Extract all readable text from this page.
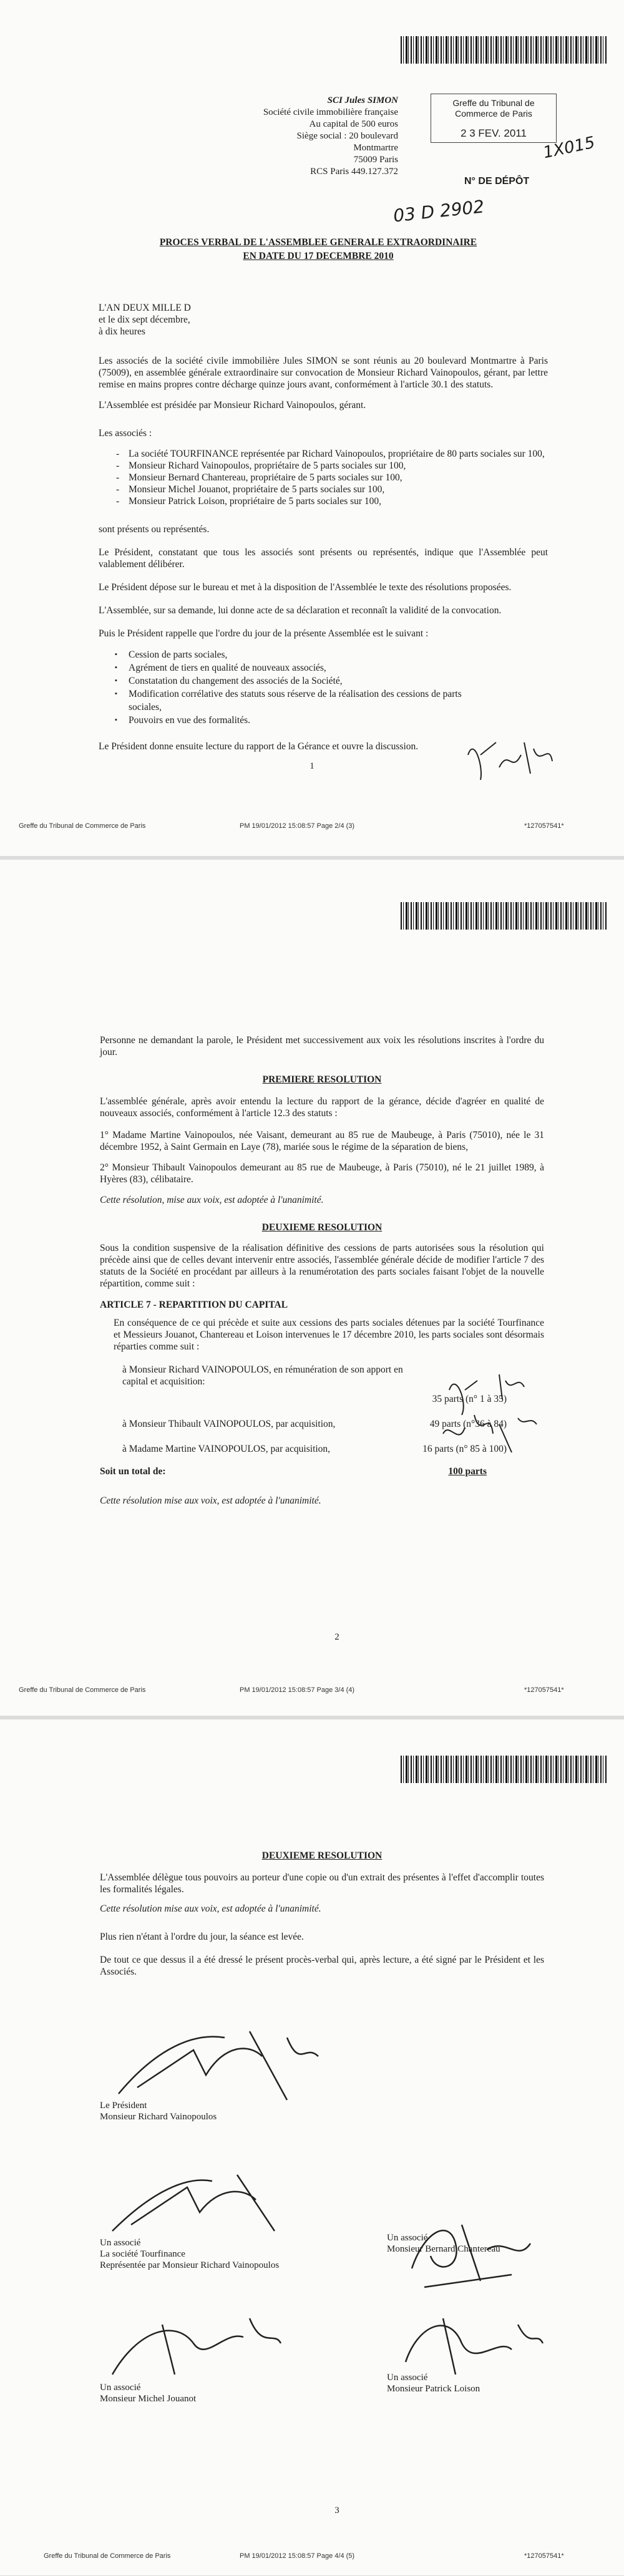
SCI Jules SIMON
Société civile immobilière française
Au capital de 500 euros
Siège social : 20 boulevard Montmartre
75009 Paris
RCS Paris 449.127.372
Greffe du Tribunal de
Commerce de Paris
2 3 FEV. 2011
1X015
N° DE DÉPÔT
03 D 2902
PROCES VERBAL DE L'ASSEMBLEE GENERALE EXTRAORDINAIRE
EN DATE DU 17 DECEMBRE 2010
L'AN DEUX MILLE D
et le dix sept décembre,
à dix heures

Les associés de la société civile immobilière Jules SIMON se sont réunis au 20 boulevard Montmartre à Paris (75009), en assemblée générale extraordinaire sur convocation de Monsieur Richard Vainopoulos, gérant, par lettre remise en mains propres contre décharge quinze jours avant, conformément à l'article 30.1 des statuts.

L'Assemblée est présidée par Monsieur Richard Vainopoulos, gérant.

Les associés :

- La société TOURFINANCE représentée par Richard Vainopoulos, propriétaire de 80 parts sociales sur 100,
- Monsieur Richard Vainopoulos, propriétaire de 5 parts sociales sur 100,
- Monsieur Bernard Chantereau, propriétaire de 5 parts sociales sur 100,
- Monsieur Michel Jouanot, propriétaire de 5 parts sociales sur 100,
- Monsieur Patrick Loison, propriétaire de 5 parts sociales sur 100,

sont présents ou représentés.

Le Président, constatant que tous les associés sont présents ou représentés, indique que l'Assemblée peut valablement délibérer.

Le Président dépose sur le bureau et met à la disposition de l'Assemblée le texte des résolutions proposées.

L'Assemblée, sur sa demande, lui donne acte de sa déclaration et reconnaît la validité de la convocation.

Puis le Président rappelle que l'ordre du jour de la présente Assemblée est le suivant :

▪ Cession de parts sociales,
▪ Agrément de tiers en qualité de nouveaux associés,
▪ Constatation du changement des associés de la Société,
▪ Modification corrélative des statuts sous réserve de la réalisation des cessions de parts sociales,
▪ Pouvoirs en vue des formalités.

Le Président donne ensuite lecture du rapport de la Gérance et ouvre la discussion.

1
Greffe du Tribunal de Commerce de Paris	PM 19/01/2012 15:08:57 Page 2/4 (3)	*127057541*

Personne ne demandant la parole, le Président met successivement aux voix les résolutions inscrites à l'ordre du jour.

PREMIERE RESOLUTION

L'assemblée générale, après avoir entendu la lecture du rapport de la gérance, décide d'agréer en qualité de nouveaux associés, conformément à l'article 12.3 des statuts :

1° Madame Martine Vainopoulos, née Vaisant, demeurant au 85 rue de Maubeuge, à Paris (75010), née le 31 décembre 1952, à Saint Germain en Laye (78), mariée sous le régime de la séparation de biens,

2° Monsieur Thibault Vainopoulos demeurant au 85 rue de Maubeuge, à Paris (75010), né le 21 juillet 1989, à Hyères (83), célibataire.

Cette résolution, mise aux voix, est adoptée à l'unanimité.

DEUXIEME RESOLUTION

Sous la condition suspensive de la réalisation définitive des cessions de parts autorisées sous la résolution qui précède ainsi que de celles devant intervenir entre associés, l'assemblée générale décide de modifier l'article 7 des statuts de la Société en procédant par ailleurs à la renumérotation des parts sociales faisant l'objet de la nouvelle répartition, comme suit :

ARTICLE 7 - REPARTITION DU CAPITAL

En conséquence de ce qui précède et suite aux cessions des parts sociales détenues par la société Tourfinance et Messieurs Jouanot, Chantereau et Loison intervenues le 17 décembre 2010, les parts sociales sont désormais réparties comme suit :

à Monsieur Richard VAINOPOULOS, en rémunération de son apport en capital et acquisition:
35 parts (n° 1 à 35)
à Monsieur Thibault VAINOPOULOS, par acquisition,	49 parts (n°36 à 84)
à Madame Martine VAINOPOULOS, par acquisition,	16 parts (n° 85 à 100)
Soit un total de:	100 parts

Cette résolution mise aux voix, est adoptée à l'unanimité.

2
Greffe du Tribunal de Commerce de Paris	PM 19/01/2012 15:08:57 Page 3/4 (4)	*127057541*
DEUXIEME RESOLUTION

L'Assemblée délègue tous pouvoirs au porteur d'une copie ou d'un extrait des présentes à l'effet d'accomplir toutes les formalités légales.

Cette résolution mise aux voix, est adoptée à l'unanimité.

Plus rien n'étant à l'ordre du jour, la séance est levée.

De tout ce que dessus il a été dressé le présent procès-verbal qui, après lecture, a été signé par le Président et les Associés.

Le Président
Monsieur Richard Vainopoulos
Un associé
La société Tourfinance
Représentée par Monsieur Richard Vainopoulos
Un associé
Monsieur Bernard Chantereau
Un associé
Monsieur Michel Jouanot
Un associé
Monsieur Patrick Loison
3
Greffe du Tribunal de Commerce de Paris	PM 19/01/2012 15:08:57 Page 4/4 (5)	*127057541*
